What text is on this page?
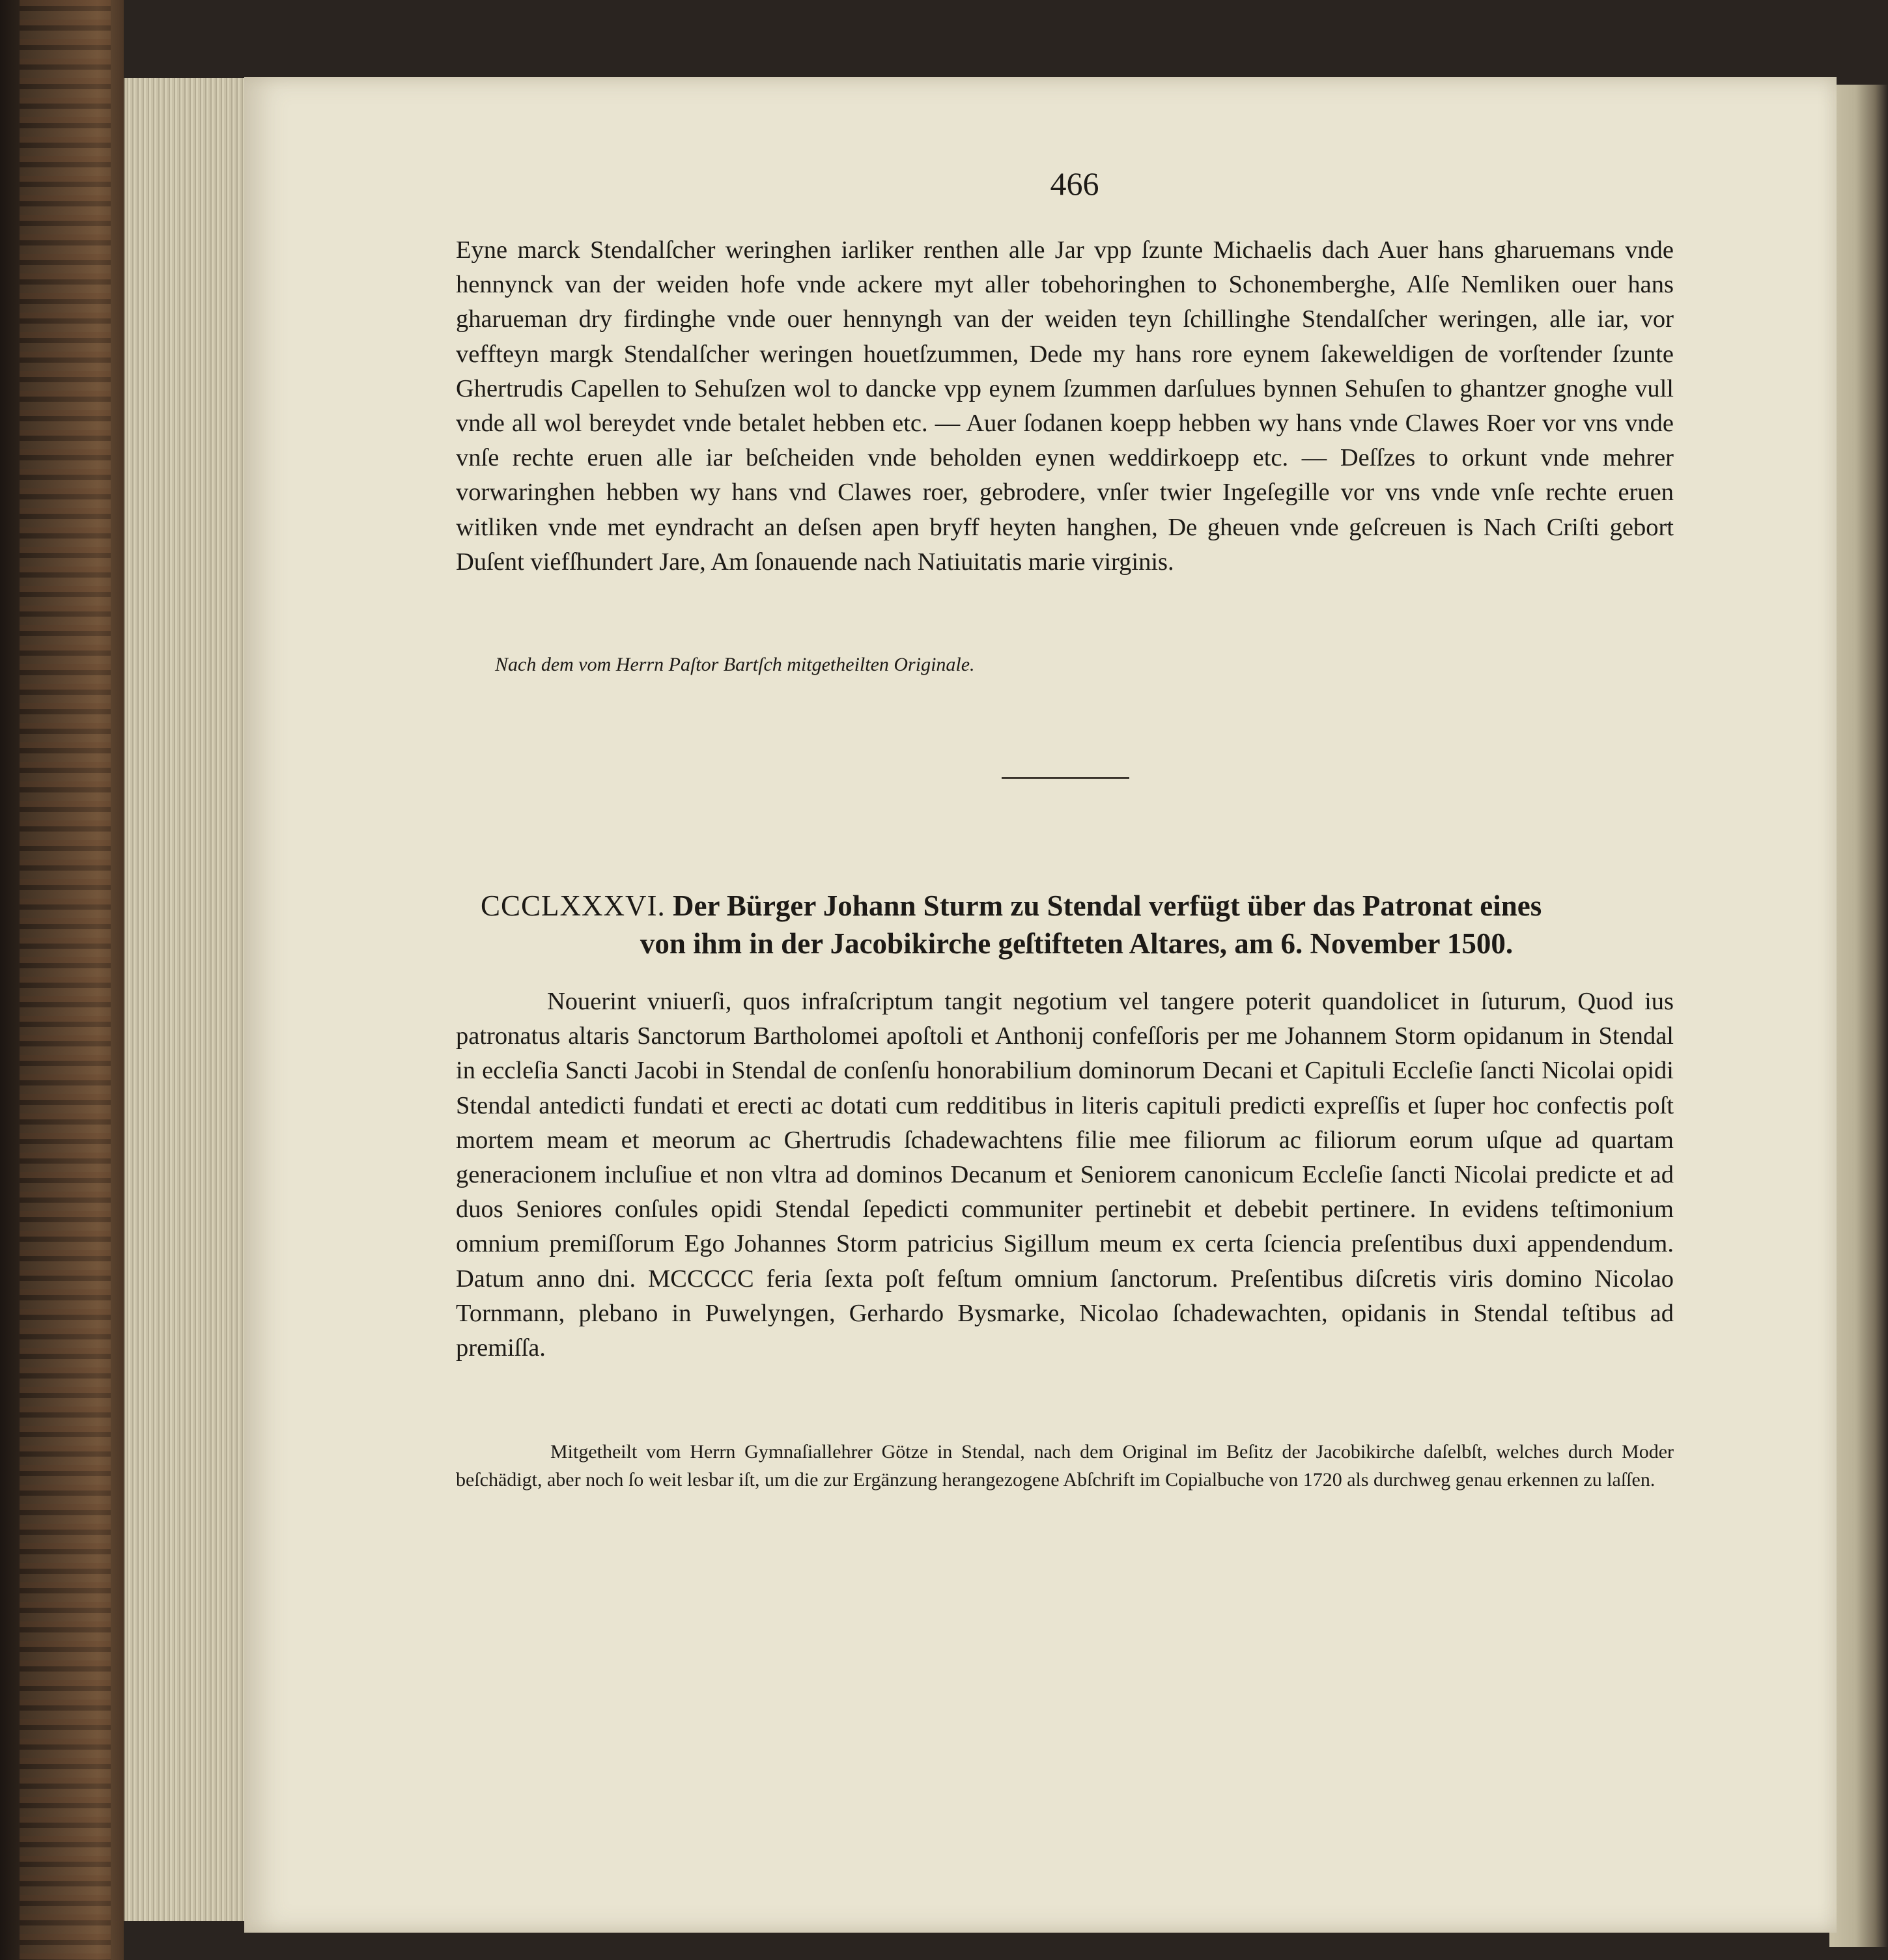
466
Eyne marck Stendalſcher weringhen iarliker renthen alle Jar vpp ſzunte Michaelis dach Auer hans gharuemans vnde hennynck van der weiden hofe vnde ackere myt aller tobehoringhen to Schonemberghe, Alſe Nemliken ouer hans gharueman dry firdinghe vnde ouer hennyngh van der weiden teyn ſchillinghe Stendalſcher weringen, alle iar, vor veffteyn margk Stendalſcher weringen houetſzummen, Dede my hans rore eynem ſakeweldigen de vorſtender ſzunte Ghertrudis Capellen to Sehuſzen wol to dancke vpp eynem ſzummen darſulues bynnen Sehuſen to ghantzer gnoghe vull vnde all wol bereydet vnde betalet hebben etc. — Auer ſodanen koepp hebben wy hans vnde Clawes Roer vor vns vnde vnſe rechte eruen alle iar beſcheiden vnde beholden eynen weddirkoepp etc. — Deſſzes to orkunt vnde mehrer vorwaringhen hebben wy hans vnd Clawes roer, gebrodere, vnſer twier Ingeſegille vor vns vnde vnſe rechte eruen witliken vnde met eyndracht an deſsen apen bryff heyten hanghen, De gheuen vnde geſcreuen is Nach Criſti gebort Duſent viefſhundert Jare, Am ſonauende nach Natiuitatis marie virginis.
Nach dem vom Herrn Paſtor Bartſch mitgetheilten Originale.
CCCLXXXVI. Der Bürger Johann Sturm zu Stendal verfügt über das Patronat eines
von ihm in der Jacobikirche geſtifteten Altares, am 6. November 1500.
Nouerint vniuerſi, quos infraſcriptum tangit negotium vel tangere poterit quandolicet in ſuturum, Quod ius patronatus altaris Sanctorum Bartholomei apoſtoli et Anthonij confeſſoris per me Johannem Storm opidanum in Stendal in eccleſia Sancti Jacobi in Stendal de conſenſu honorabilium dominorum Decani et Capituli Eccleſie ſancti Nicolai opidi Stendal antedicti fundati et erecti ac dotati cum redditibus in literis capituli predicti expreſſis et ſuper hoc confectis poſt mortem meam et meorum ac Ghertrudis ſchadewachtens filie mee filiorum ac filiorum eorum uſque ad quartam generacionem incluſiue et non vltra ad dominos Decanum et Seniorem canonicum Eccleſie ſancti Nicolai predicte et ad duos Seniores conſules opidi Stendal ſepedicti communiter pertinebit et debebit pertinere. In evidens teſtimonium omnium premiſſorum Ego Johannes Storm patricius Sigillum meum ex certa ſciencia preſentibus duxi appendendum. Datum anno dni. MCCCCC feria ſexta poſt feſtum omnium ſanctorum. Preſentibus diſcretis viris domino Nicolao Tornmann, plebano in Puwelyngen, Gerhardo Bysmarke, Nicolao ſchadewachten, opidanis in Stendal teſtibus ad premiſſa.
Mitgetheilt vom Herrn Gymnaſiallehrer Götze in Stendal, nach dem Original im Beſitz der Jacobikirche daſelbſt, welches durch Moder beſchädigt, aber noch ſo weit lesbar iſt, um die zur Ergänzung herangezogene Abſchrift im Copialbuche von 1720 als durchweg genau erkennen zu laſſen.
